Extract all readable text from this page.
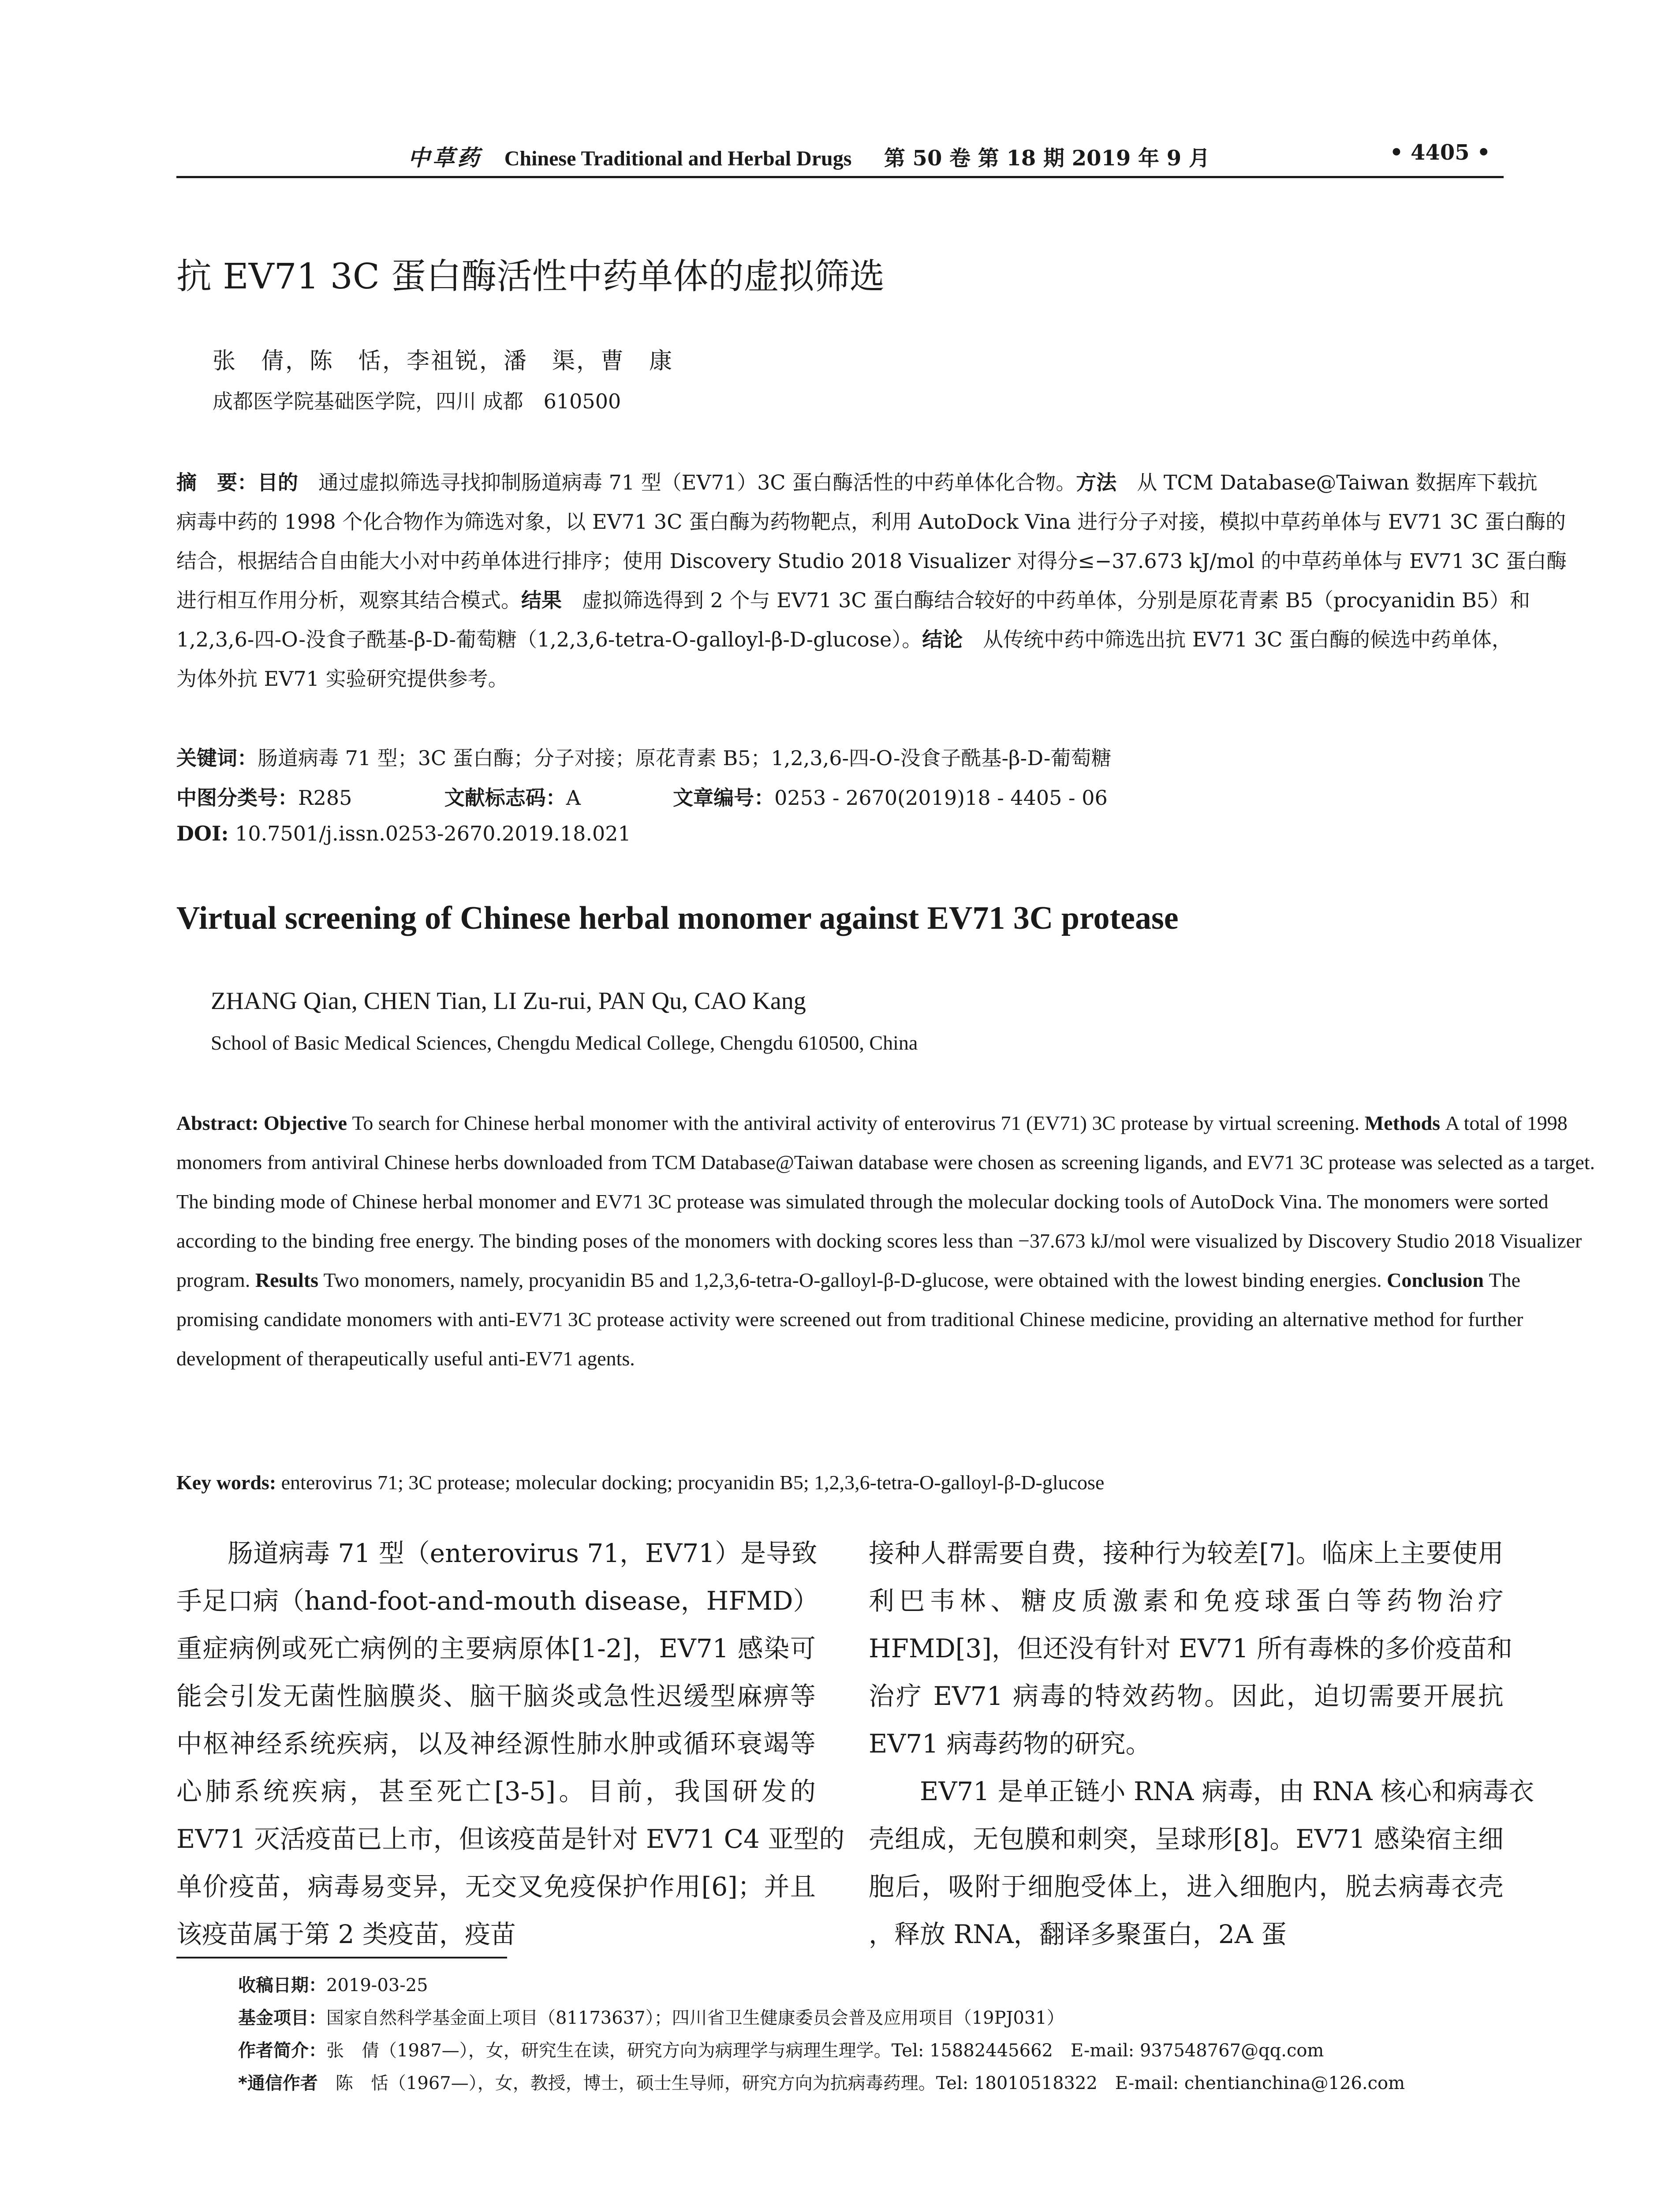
中草药 Chinese Traditional and Herbal Drugs 第 50 卷 第 18 期 2019 年 9 月	• 4405 •
抗 EV71 3C 蛋白酶活性中药单体的虚拟筛选
张　倩，陈　恬，李祖锐，潘　渠，曹　康
成都医学院基础医学院，四川 成都　610500
摘　 要：目的　 通过虚拟筛选寻找抑制肠道病毒 71 型（EV71）3C 蛋白酶活性的中药单体化合物。方法　 从 TCM Database@Taiwan 数据库下载抗
病毒中药的 1998 个化合物作为筛选对象，以 EV71 3C 蛋白酶为药物靶点，利用 AutoDock Vina 进行分子对接，模拟中草药单体与 EV71 3C 蛋白酶的
结合，根据结合自由能大小对中药单体进行排序；使用 Discovery Studio 2018 Visualizer 对得分≤−37.673 kJ/mol 的中草药单体与 EV71 3C 蛋白酶
进行相互作用分析，观察其结合模式。结果　 虚拟筛选得到 2 个与 EV71 3C 蛋白酶结合较好的中药单体，分别是原花青素 B5（procyanidin B5）和
1,2,3,6-四-O-没食子酰基-β-D-葡萄糖（1,2,3,6-tetra-O-galloyl-β-D-glucose）。结论　 从传统中药中筛选出抗 EV71 3C 蛋白酶的候选中药单体，
为体外抗 EV71 实验研究提供参考。
关键词：肠道病毒 71 型；3C 蛋白酶；分子对接；原花青素 B5；1,2,3,6-四-O-没食子酰基-β-D-葡萄糖
中图分类号：R285	文献标志码：A	文章编号：0253 - 2670(2019)18 - 4405 - 06
DOI: 10.7501/j.issn.0253-2670.2019.18.021
Virtual screening of Chinese herbal monomer against EV71 3C protease
ZHANG Qian, CHEN Tian, LI Zu-rui, PAN Qu, CAO Kang
School of Basic Medical Sciences, Chengdu Medical College, Chengdu 610500, China
Abstract: Objective To search for Chinese herbal monomer with the antiviral activity of enterovirus 71 (EV71) 3C protease by virtual screening. Methods A total of 1998
monomers from antiviral Chinese herbs downloaded from TCM Database@Taiwan database were chosen as screening ligands, and EV71 3C protease was selected as a target.
The binding mode of Chinese herbal monomer and EV71 3C protease was simulated through the molecular docking tools of AutoDock Vina. The monomers were sorted
according to the binding free energy. The binding poses of the monomers with docking scores less than −37.673 kJ/mol were visualized by Discovery Studio 2018 Visualizer
program. Results Two monomers, namely, procyanidin B5 and 1,2,3,6-tetra-O-galloyl-β-D-glucose, were obtained with the lowest binding energies. Conclusion The
promising candidate monomers with anti-EV71 3C protease activity were screened out from traditional Chinese medicine, providing an alternative method for further
development of therapeutically useful anti-EV71 agents.
Key words: enterovirus 71; 3C protease; molecular docking; procyanidin B5; 1,2,3,6-tetra-O-galloyl-β-D-glucose
肠道病毒 71 型（enterovirus 71，EV71）是导致
手足口病（hand-foot-and-mouth disease，HFMD）
重症病例或死亡病例的主要病原体[1-2]，EV71 感染可
能会引发无菌性脑膜炎、脑干脑炎或急性迟缓型麻痹等
中枢神经系统疾病，以及神经源性肺水肿或循环衰竭等
心肺系统疾病，甚至死亡[3-5]。目前，我国研发的
EV71 灭活疫苗已上市，但该疫苗是针对 EV71 C4 亚型的
单价疫苗，病毒易变异，无交叉免疫保护作用[6]；并且
该疫苗属于第 2 类疫苗，疫苗
接种人群需要自费，接种行为较差[7]。临床上主要使用
利巴韦林、糖皮质激素和免疫球蛋白等药物治疗
HFMD[3]，但还没有针对 EV71 所有毒株的多价疫苗和
治疗 EV71 病毒的特效药物。因此，迫切需要开展抗
EV71 病毒药物的研究。
EV71 是单正链小 RNA 病毒，由 RNA 核心和病毒衣
壳组成，无包膜和刺突，呈球形[8]。EV71 感染宿主细
胞后，吸附于细胞受体上，进入细胞内，脱去病毒衣壳
，释放 RNA，翻译多聚蛋白，2A 蛋
收稿日期：2019-03-25
基金项目：国家自然科学基金面上项目（81173637）；四川省卫生健康委员会普及应用项目（19PJ031）
作者简介：张　倩（1987—），女，研究生在读，研究方向为病理学与病理生理学。Tel: 15882445662　E-mail: 937548767@qq.com
*通信作者　 陈　恬（1967—），女，教授，博士，硕士生导师，研究方向为抗病毒药理。Tel: 18010518322　E-mail: chentianchina@126.com
